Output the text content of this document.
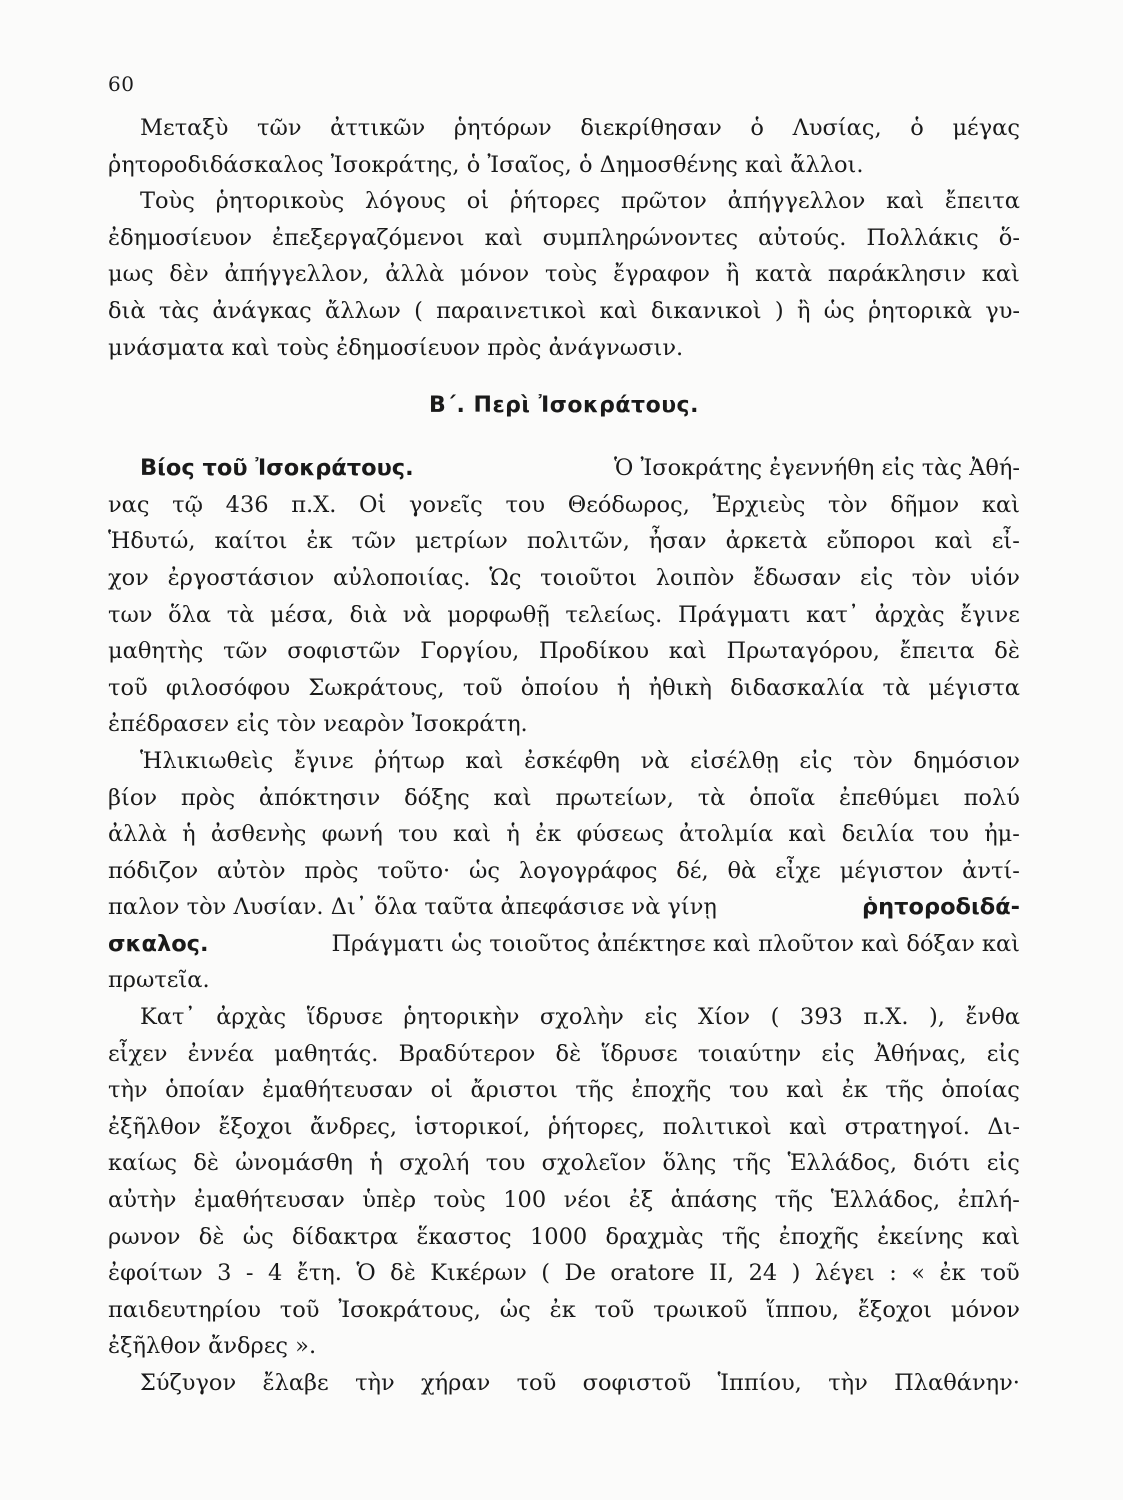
60
Μεταξὺ τῶν ἀττικῶν ῥητόρων διεκρίθησαν ὁ Λυσίας, ὁ μέγας
ῥητοροδιδάσκαλος Ἰσοκράτης, ὁ Ἰσαῖος, ὁ Δημοσθένης καὶ ἄλλοι.
Τοὺς ῥητορικοὺς λόγους οἱ ῥήτορες πρῶτον ἀπήγγελλον καὶ ἔπειτα
ἐδημοσίευον ἐπεξεργαζόμενοι καὶ συμπληρώνοντες αὐτούς. Πολλάκις ὅ-
μως δὲν ἀπήγγελλον, ἀλλὰ μόνον τοὺς ἔγραφον ἢ κατὰ παράκλησιν καὶ
διὰ τὰς ἀνάγκας ἄλλων ( παραινετικοὶ καὶ δικανικοὶ ) ἢ ὡς ῥητορικὰ γυ-
μνάσματα καὶ τοὺς ἐδημοσίευον πρὸς ἀνάγνωσιν.
Β΄. Περὶ Ἰσοκράτους.
Βίος τοῦ Ἰσοκράτους.	Ὁ Ἰσοκράτης ἐγεννήθη εἰς τὰς Ἀθή-
νας τῷ 436 π.Χ. Οἱ γονεῖς του Θεόδωρος, Ἐρχιεὺς τὸν δῆμον καὶ
Ἡδυτώ, καίτοι ἐκ τῶν μετρίων πολιτῶν, ἦσαν ἀρκετὰ εὔποροι καὶ εἶ-
χον ἐργοστάσιον αὐλοποιίας. Ὡς τοιοῦτοι λοιπὸν ἔδωσαν εἰς τὸν υἱόν
των ὅλα τὰ μέσα, διὰ νὰ μορφωθῇ τελείως. Πράγματι κατ᾽ ἀρχὰς ἔγινε
μαθητὴς τῶν σοφιστῶν Γοργίου, Προδίκου καὶ Πρωταγόρου, ἔπειτα δὲ
τοῦ φιλοσόφου Σωκράτους, τοῦ ὁποίου ἡ ἠθικὴ διδασκαλία τὰ μέγιστα
ἐπέδρασεν εἰς τὸν νεαρὸν Ἰσοκράτη.
Ἡλικιωθεὶς ἔγινε ῥήτωρ καὶ ἐσκέφθη νὰ εἰσέλθῃ εἰς τὸν δημόσιον
βίον πρὸς ἀπόκτησιν δόξης καὶ πρωτείων, τὰ ὁποῖα ἐπεθύμει πολύ
ἀλλὰ ἡ ἀσθενὴς φωνή του καὶ ἡ ἐκ φύσεως ἀτολμία καὶ δειλία του ἠμ-
πόδιζον αὐτὸν πρὸς τοῦτο· ὡς λογογράφος δέ, θὰ εἶχε μέγιστον ἀντί-
παλον τὸν Λυσίαν. Δι᾽ ὅλα ταῦτα ἀπεφάσισε νὰ γίνῃ	ῥητοροδιδά-
σκαλος.	Πράγματι ὡς τοιοῦτος ἀπέκτησε καὶ πλοῦτον καὶ δόξαν καὶ
πρωτεῖα.
Κατ᾽ ἀρχὰς ἵδρυσε ῥητορικὴν σχολὴν εἰς Χίον ( 393 π.Χ. ), ἔνθα
εἶχεν ἐννέα μαθητάς. Βραδύτερον δὲ ἵδρυσε τοιαύτην εἰς Ἀθήνας, εἰς
τὴν ὁποίαν ἐμαθήτευσαν οἱ ἄριστοι τῆς ἐποχῆς του καὶ ἐκ τῆς ὁποίας
ἐξῆλθον ἔξοχοι ἄνδρες, ἱστορικοί, ῥήτορες, πολιτικοὶ καὶ στρατηγοί. Δι-
καίως δὲ ὠνομάσθη ἡ σχολή του σχολεῖον ὅλης τῆς Ἑλλάδος, διότι εἰς
αὐτὴν ἐμαθήτευσαν ὑπὲρ τοὺς 100 νέοι ἐξ ἁπάσης τῆς Ἑλλάδος, ἐπλή-
ρωνον δὲ ὡς δίδακτρα ἕκαστος 1000 δραχμὰς τῆς ἐποχῆς ἐκείνης καὶ
ἐφοίτων 3 - 4 ἔτη. Ὁ δὲ Κικέρων ( De oratore II, 24 ) λέγει : « ἐκ τοῦ
παιδευτηρίου τοῦ Ἰσοκράτους, ὡς ἐκ τοῦ τρωικοῦ ἵππου, ἔξοχοι μόνον
ἐξῆλθον ἄνδρες ».
Σύζυγον ἔλαβε τὴν χήραν τοῦ σοφιστοῦ Ἱππίου, τὴν Πλαθάνην·
